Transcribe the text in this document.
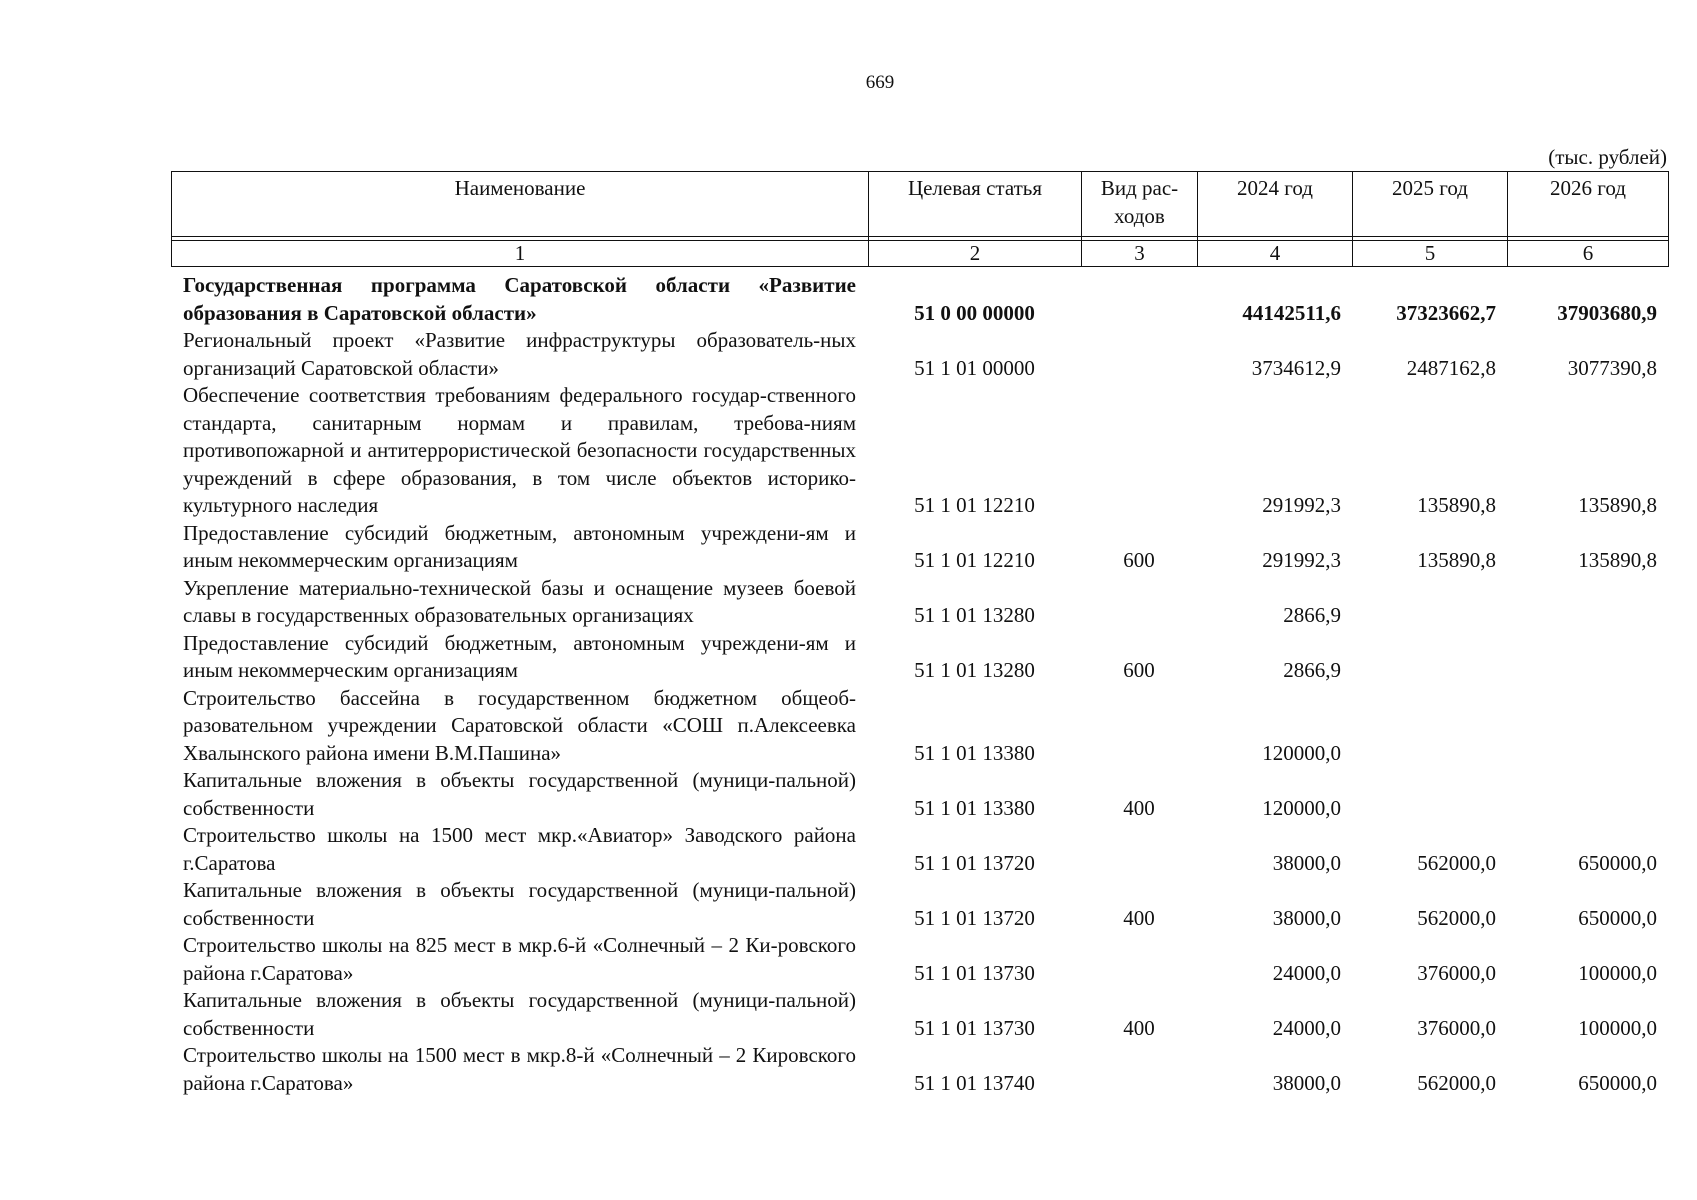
669
(тыс. рублей)
Наименование	Целевая статья	Вид рас-ходов	2024 год	2025 год	2026 год

1	2	3	4	5	6
Государственная программа Саратовской области «Развитие образования в Саратовской области»	51 0 00 00000		44142511,6	37323662,7	37903680,9
Региональный проект «Развитие инфраструктуры образователь-ных организаций Саратовской области»	51 1 01 00000		3734612,9	2487162,8	3077390,8
Обеспечение соответствия требованиям федерального государ-ственного стандарта, санитарным нормам и правилам, требова-ниям противопожарной и антитеррористической безопасности государственных учреждений в сфере образования, в том числе объектов историко-культурного наследия	51 1 01 12210		291992,3	135890,8	135890,8
Предоставление субсидий бюджетным, автономным учреждени-ям и иным некоммерческим организациям	51 1 01 12210	600	291992,3	135890,8	135890,8
Укрепление материально-технической базы и оснащение музеев боевой славы в государственных образовательных организациях	51 1 01 13280		2866,9		
Предоставление субсидий бюджетным, автономным учреждени-ям и иным некоммерческим организациям	51 1 01 13280	600	2866,9		
Строительство бассейна в государственном бюджетном общеоб-разовательном учреждении Саратовской области «СОШ п.Алексеевка Хвалынского района имени В.М.Пашина»	51 1 01 13380		120000,0		
Капитальные вложения в объекты государственной (муници-пальной) собственности	51 1 01 13380	400	120000,0		
Строительство школы на 1500 мест мкр.«Авиатор» Заводского района г.Саратова	51 1 01 13720		38000,0	562000,0	650000,0
Капитальные вложения в объекты государственной (муници-пальной) собственности	51 1 01 13720	400	38000,0	562000,0	650000,0
Строительство школы на 825 мест в мкр.6-й «Солнечный – 2 Ки-ровского района г.Саратова»	51 1 01 13730		24000,0	376000,0	100000,0
Капитальные вложения в объекты государственной (муници-пальной) собственности	51 1 01 13730	400	24000,0	376000,0	100000,0
Строительство школы на 1500 мест в мкр.8-й «Солнечный – 2 Кировского района г.Саратова»	51 1 01 13740		38000,0	562000,0	650000,0
